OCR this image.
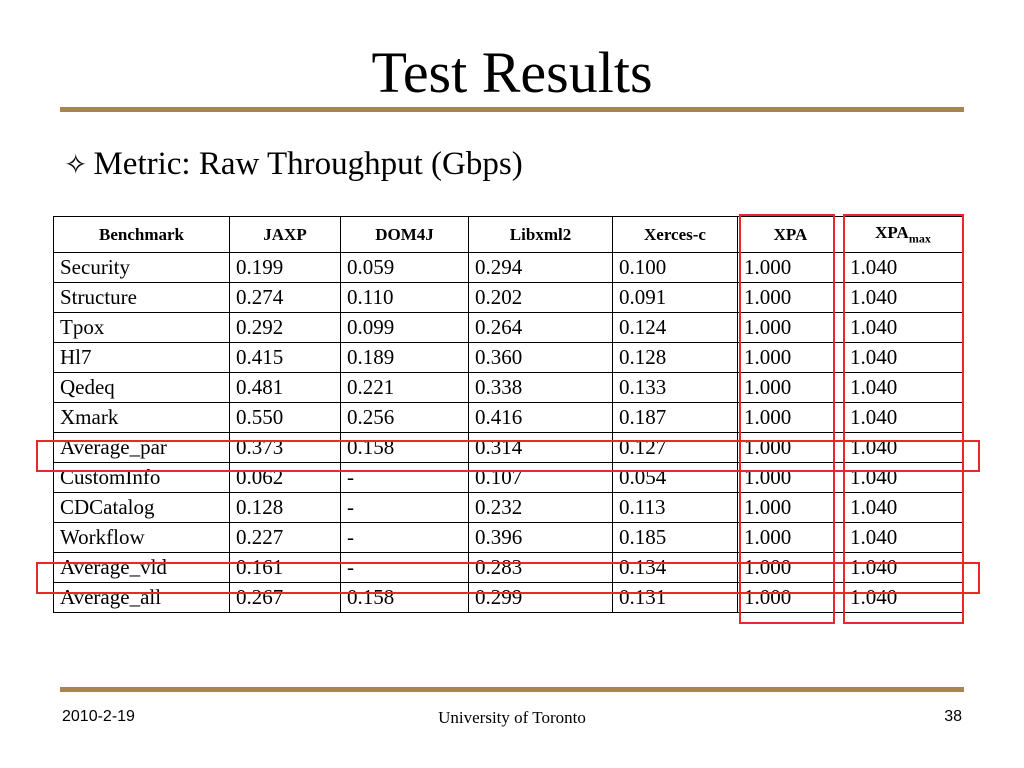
Test Results
✧ Metric: Raw Throughput (Gbps)
Benchmark	JAXP	DOM4J	Libxml2	Xerces-c	XPA	$XPA_{max}$
Security	0.199	0.059	0.294	0.100	1.000	1.040
Structure	0.274	0.110	0.202	0.091	1.000	1.040
Tpox	0.292	0.099	0.264	0.124	1.000	1.040
Hl7	0.415	0.189	0.360	0.128	1.000	1.040
Qedeq	0.481	0.221	0.338	0.133	1.000	1.040
Xmark	0.550	0.256	0.416	0.187	1.000	1.040
Average_par	0.373	0.158	0.314	0.127	1.000	1.040
CustomInfo	0.062	-	0.107	0.054	1.000	1.040
CDCatalog	0.128	-	0.232	0.113	1.000	1.040
Workflow	0.227	-	0.396	0.185	1.000	1.040
Average_vld	0.161	-	0.283	0.134	1.000	1.040
Average_all	0.267	0.158	0.299	0.131	1.000	1.040
2010-2-19	University of Toronto	38
